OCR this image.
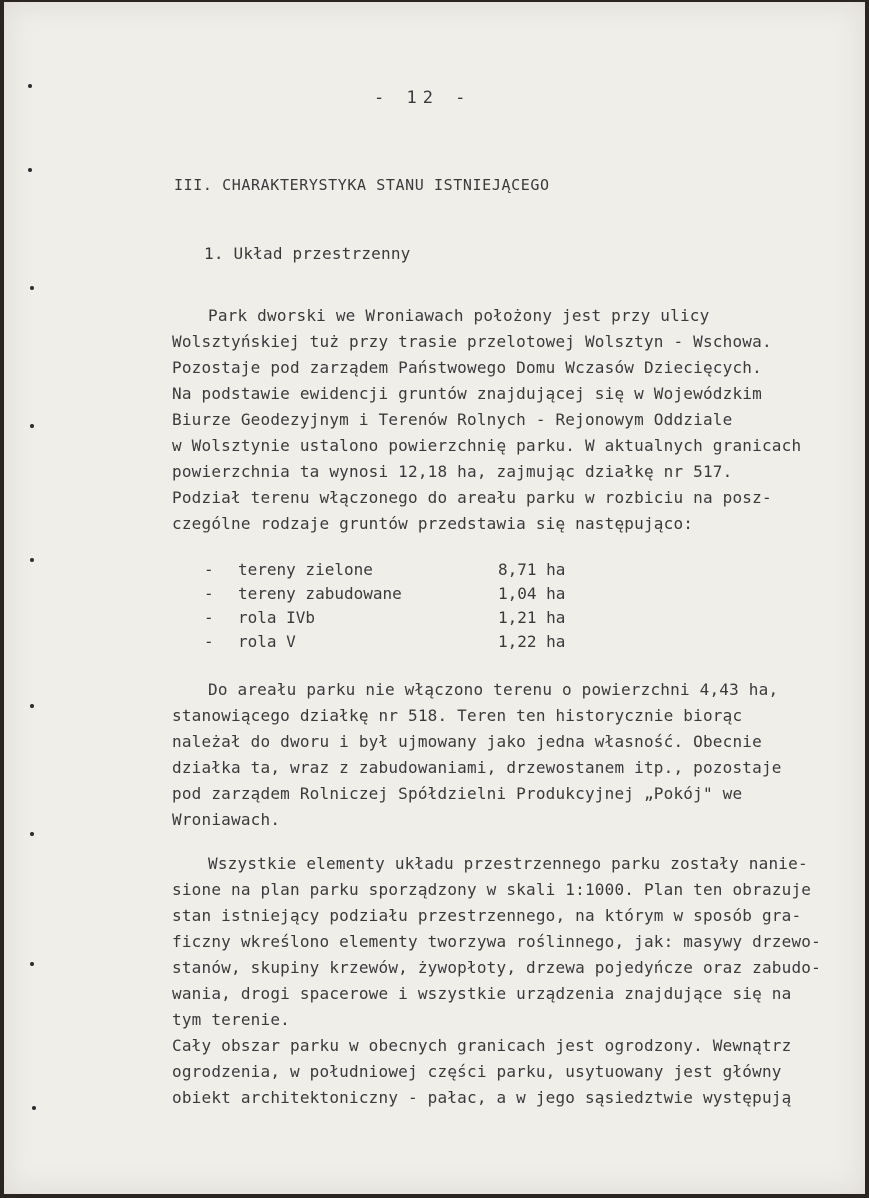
- 12 -
III. CHARAKTERYSTYKA STANU ISTNIEJĄCEGO
1. Układ przestrzenny
Park dworski we Wroniawach położony jest przy ulicy
Wolsztyńskiej tuż przy trasie przelotowej Wolsztyn - Wschowa.
Pozostaje pod zarządem Państwowego Domu Wczasów Dziecięcych.
Na podstawie ewidencji gruntów znajdującej się w Wojewódzkim
Biurze Geodezyjnym i Terenów Rolnych - Rejonowym Oddziale
w Wolsztynie ustalono powierzchnię parku. W aktualnych granicach
powierzchnia ta wynosi 12,18 ha, zajmując działkę nr 517.
Podział terenu włączonego do areału parku w rozbiciu na posz-
czególne rodzaje gruntów przedstawia się następująco:
- tereny zielone	8,71 ha
- tereny zabudowane	1,04 ha
- rola IVb	1,21 ha
- rola V	1,22 ha
Do areału parku nie włączono terenu o powierzchni 4,43 ha,
stanowiącego działkę nr 518. Teren ten historycznie biorąc
należał do dworu i był ujmowany jako jedna własność. Obecnie
działka ta, wraz z zabudowaniami, drzewostanem itp., pozostaje
pod zarządem Rolniczej Spółdzielni Produkcyjnej „Pokój" we
Wroniawach.
Wszystkie elementy układu przestrzennego parku zostały nanie-
sione na plan parku sporządzony w skali 1:1000. Plan ten obrazuje
stan istniejący podziału przestrzennego, na którym w sposób gra-
ficzny wkreślono elementy tworzywa roślinnego, jak: masywy drzewo-
stanów, skupiny krzewów, żywopłoty, drzewa pojedyńcze oraz zabudo-
wania, drogi spacerowe i wszystkie urządzenia znajdujące się na
tym terenie.
Cały obszar parku w obecnych granicach jest ogrodzony. Wewnątrz
ogrodzenia, w południowej części parku, usytuowany jest główny
obiekt architektoniczny - pałac, a w jego sąsiedztwie występują
